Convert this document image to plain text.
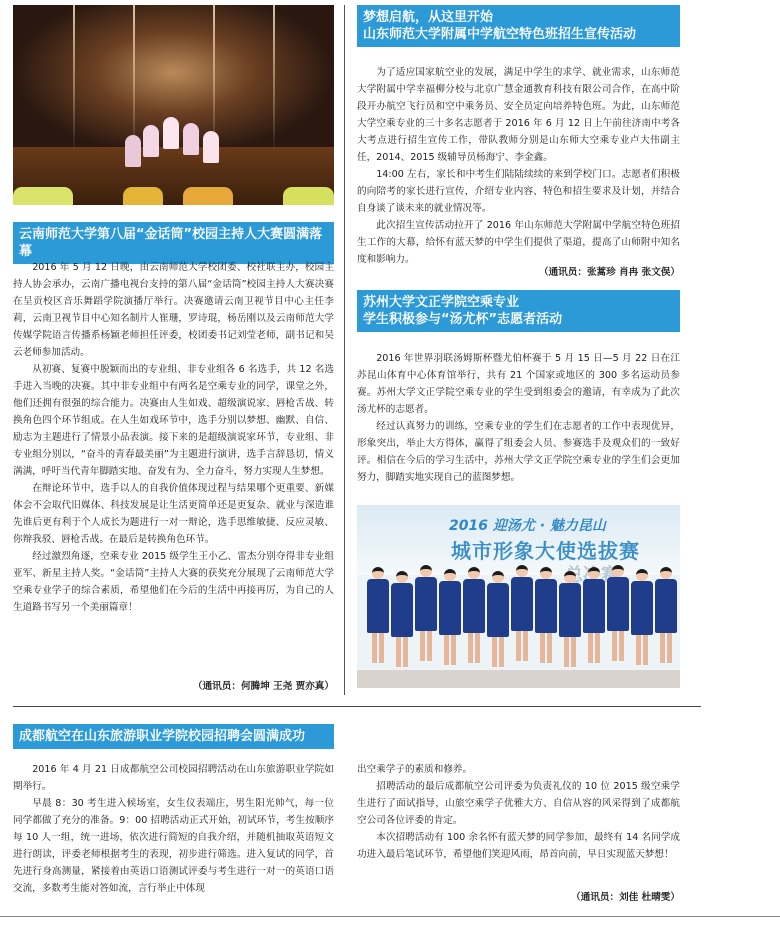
云南师范大学第八届“金话筒”校园主持人大赛圆满落幕

2016 年 5 月 12 日晚，由云南师范大学校团委、校社联主办，校园主持人协会承办，云南广播电视台支持的第八届“金话筒”校园主持人大赛决赛在呈贡校区音乐舞蹈学院演播厅举行。决赛邀请云南卫视节目中心主任李莉，云南卫视节目中心知名制片人崔珊，罗诗琨，杨岳刚以及云南师范大学传媒学院语言传播系杨颖老师担任评委，校团委书记刘莹老师，副书记和吴云老师参加活动。

从初赛、复赛中脱颖而出的专业组、非专业组各 6 名选手，共 12 名选手进入当晚的决赛。其中非专业组中有两名是空乘专业的同学，课堂之外，他们还拥有很强的综合能力。决赛由人生如戏、超级演说家、唇枪舌战、转换角色四个环节组成。在人生如戏环节中，选手分别以梦想、幽默、自信、励志为主题进行了情景小品表演。接下来的是超级演说家环节，专业组、非专业组分别以，“奋斗的青春最美丽”为主题进行演讲，选手言辞恳切，情义满满，呼吁当代青年脚踏实地、奋发有为、全力奋斗，努力实现人生梦想。

在辩论环节中，选手以人的自我价值体现过程与结果哪个更重要、新媒体会不会取代旧媒体、科技发展是让生活更简单还是更复杂、就业与深造谁先谁后更有利于个人成长为题进行一对一辩论，选手思维敏捷、反应灵敏、你辩我驳、唇枪舌战。在最后是转换角色环节。

经过激烈角逐，空乘专业 2015 级学生王小乙、雷杰分别夺得非专业组亚军、新星主持人奖。“金话筒”主持人大赛的获奖充分展现了云南师范大学空乘专业学子的综合素质，希望他们在今后的生活中再接再厉，为自己的人生道路书写另一个美丽篇章！

（通讯员：何腾坤 王尧 贾亦真）

梦想启航，从这里开始
山东师范大学附属中学航空特色班招生宣传活动

为了适应国家航空业的发展，满足中学生的求学、就业需求，山东师范大学附属中学幸福柳分校与北京广慧金通教育科技有限公司合作，在高中阶段开办航空飞行员和空中乘务员、安全员定向培养特色班。为此，山东师范大学空乘专业的三十多名志愿者于 2016 年 6 月 12 日上午前往济南中考各大考点进行招生宣传工作，带队教师分别是山东师大空乘专业卢大伟副主任，2014、2015 级辅导员杨海宁、李金鑫。

14:00 左右，家长和中考生们陆陆续续的来到学校门口。志愿者们积极的向陪考的家长进行宣传，介绍专业内容、特色和招生要求及计划，并结合自身谈了谈未来的就业情况等。

此次招生宣传活动拉开了 2016 年山东师范大学附属中学航空特色班招生工作的大幕，给怀有蓝天梦的中学生们提供了渠道，提高了山师附中知名度和影响力。

（通讯员：张蒿珍 肖冉 张文俣）

苏州大学文正学院空乘专业
学生积极参与“汤尤杯”志愿者活动

2016 年世界羽联汤姆斯杯暨尤伯杯赛于 5 月 15 日—5 月 22 日在江苏昆山体育中心体育馆举行，共有 21 个国家或地区的 300 多名运动员参赛。苏州大学文正学院空乘专业的学生受到组委会的邀请，有幸成为了此次汤尤杯的志愿者。

经过认真努力的训练，空乘专业的学生们在志愿者的工作中表现优异，形象突出，举止大方得体，赢得了组委会人员、参赛选手及观众们的一致好评。相信在今后的学习生活中，苏州大学文正学院空乘专业的学生们会更加努力，脚踏实地实现自己的蓝图梦想。

2016 迎汤尤 · 魅力昆山
城市形象大使选拔赛
成都航空在山东旅游职业学院校园招聘会圆满成功

2016 年 4 月 21 日成都航空公司校园招聘活动在山东旅游职业学院如期举行。

早晨 8：30 考生进入候场室，女生仪表端庄，男生阳光帅气，每一位同学都做了充分的准备。9：00 招聘活动正式开始，初试环节，考生按顺序每 10 人一组，统一进场，依次进行简短的自我介绍，并随机抽取英语短文进行朗读，评委老师根据考生的表现，初步进行筛选。进入复试的同学，首先进行身高测量，紧接着由英语口语测试评委与考生进行一对一的英语口语交流，多数考生能对答如流，言行举止中体现

出空乘学子的素质和修养。

招聘活动的最后成都航空公司评委为负责礼仪的 10 位 2015 级空乘学生进行了面试指导，山旅空乘学子优雅大方、自信从容的风采得到了成都航空公司各位评委的肯定。

本次招聘活动有 100 余名怀有蓝天梦的同学参加，最终有 14 名同学成功进入最后笔试环节，希望他们笑迎风雨，昂首向前，早日实现蓝天梦想！

（通讯员：刘佳 杜晴雯）
